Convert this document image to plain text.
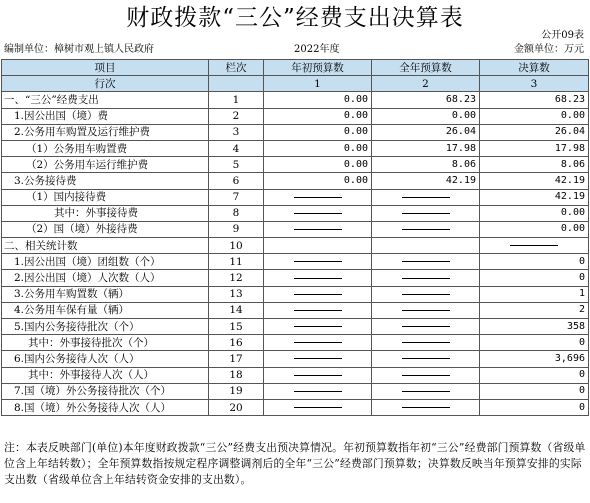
财政拨款“三公”经费支出决算表
公开09表
编制单位：樟树市观上镇人民政府	2022年度	金额单位：万元
项目	栏次	年初预算数	全年预算数	决算数
行次		1	2	3
一、“三公”经费支出	1	0.00	68.23	68.23
1.因公出国（境）费	2	0.00	0.00	0.00
2.公务用车购置及运行维护费	3	0.00	26.04	26.04
（1）公务用车购置费	4	0.00	17.98	17.98
（2）公务用车运行维护费	5	0.00	8.06	8.06
3.公务接待费	6	0.00	42.19	42.19
（1）国内接待费	7			42.19
其中：外事接待费	8			0.00
（2）国（境）外接待费	9			0.00
二、相关统计数	10			
1.因公出国（境）团组数（个）	11			0
2.因公出国（境）人次数（人）	12			0
3.公务用车购置数（辆）	13			1
4.公务用车保有量（辆）	14			2
5.国内公务接待批次（个）	15			358
其中：外事接待批次（个）	16			0
6.国内公务接待人次（人）	17			3,696
其中：外事接待人次（人）	18			0
7.国（境）外公务接待批次（个）	19			0
8.国（境）外公务接待人次（人）	20			0
注：本表反映部门(单位)本年度财政拨款“三公”经费支出预决算情况。年初预算数指年初“三公”经费部门预算数（省级单位含上年结转数）；全年预算数指按规定程序调整调剂后的全年“三公”经费部门预算数；决算数反映当年预算安排的实际支出数（省级单位含上年结转资金安排的支出数）。
